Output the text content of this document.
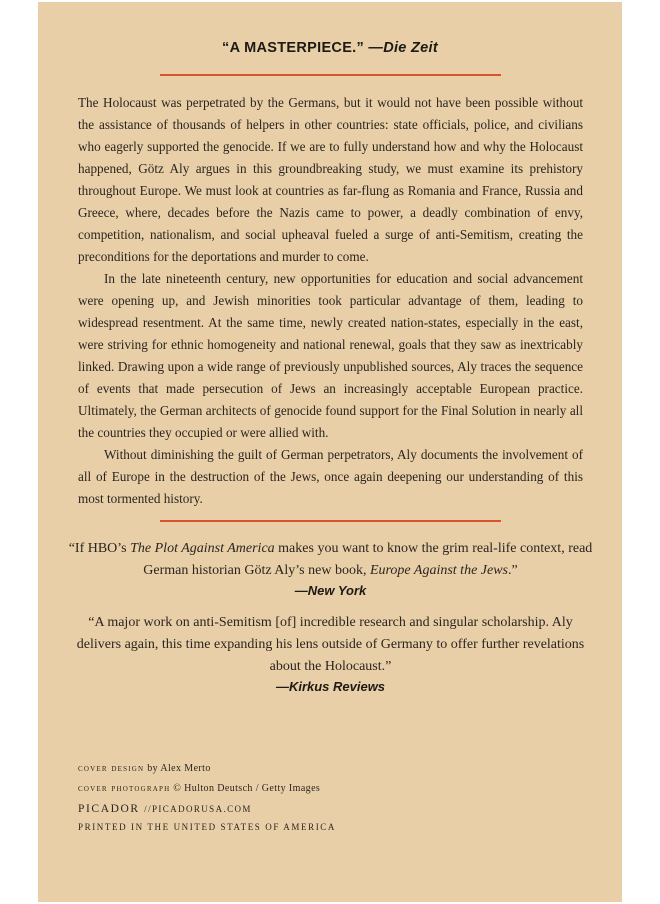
“A MASTERPIECE.” —Die Zeit

The Holocaust was perpetrated by the Germans, but it would not have been possible without the assistance of thousands of helpers in other countries: state officials, police, and civilians who eagerly supported the genocide. If we are to fully understand how and why the Holocaust happened, Götz Aly argues in this groundbreaking study, we must examine its prehistory throughout Europe. We must look at countries as far-flung as Romania and France, Russia and Greece, where, decades before the Nazis came to power, a deadly combination of envy, competition, nationalism, and social upheaval fueled a surge of anti-Semitism, creating the preconditions for the deportations and murder to come.

In the late nineteenth century, new opportunities for education and social advancement were opening up, and Jewish minorities took particular advantage of them, leading to widespread resentment. At the same time, newly created nation-states, especially in the east, were striving for ethnic homogeneity and national renewal, goals that they saw as inextricably linked. Drawing upon a wide range of previously unpublished sources, Aly traces the sequence of events that made persecution of Jews an increasingly acceptable European practice. Ultimately, the German architects of genocide found support for the Final Solution in nearly all the countries they occupied or were allied with.

Without diminishing the guilt of German perpetrators, Aly documents the involvement of all of Europe in the destruction of the Jews, once again deepening our understanding of this most tormented history.

“If HBO’s The Plot Against America makes you want to know the grim real-life context, read German historian Götz Aly’s new book, Europe Against the Jews.”
—New York
“A major work on anti-Semitism [of] incredible research and singular scholarship. Aly delivers again, this time expanding his lens outside of Germany to offer further revelations about the Holocaust.”
—Kirkus Reviews
cover design by Alex Merto
cover photograph © Hulton Deutsch / Getty Images
PICADOR //PICADORUSA.COM
PRINTED IN THE UNITED STATES OF AMERICA
